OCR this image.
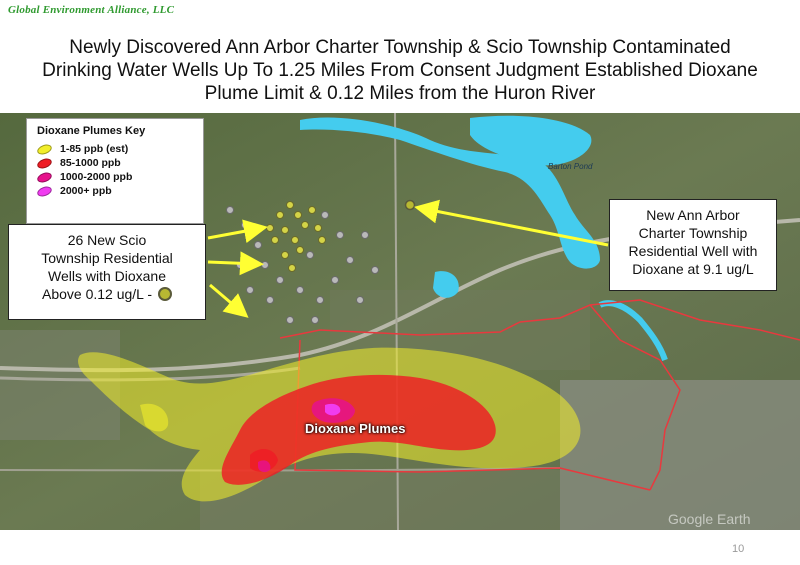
Global Environment Alliance, LLC
Newly Discovered Ann Arbor Charter Township & Scio Township Contaminated
Drinking Water Wells Up To 1.25 Miles From Consent Judgment Established Dioxane
Plume Limit & 0.12 Miles from the Huron River
Barton Pond
Dioxane Plumes Key
1-85 ppb (est)
85-1000 ppb
1000-2000 ppb
2000+ ppb
26 New Scio
Township Residential
Wells with Dioxane
Above 0.12 ug/L -
New Ann Arbor
Charter Township
Residential Well with
Dioxane at 9.1 ug/L
Dioxane Plumes
Google Earth
10
